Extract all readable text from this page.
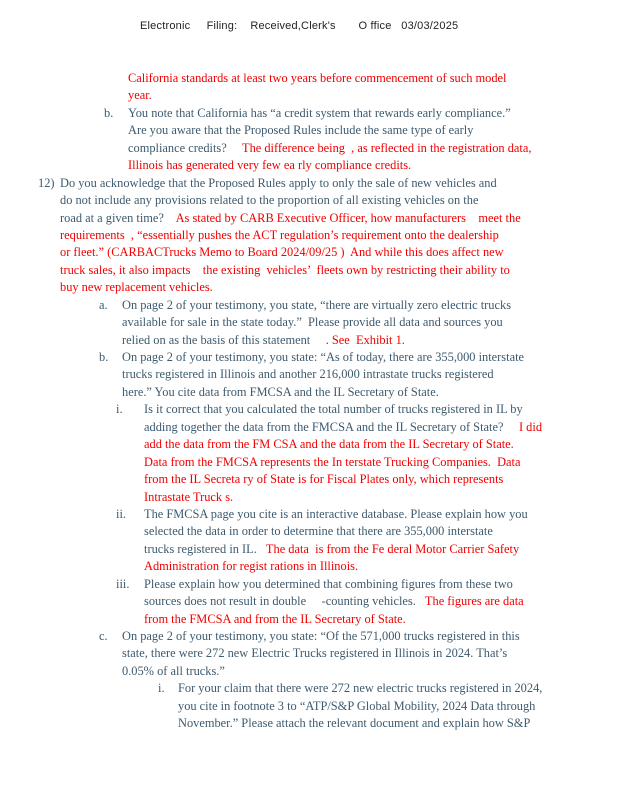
Electronic     Filing:    Received,Clerk's       O ffice   03/03/2025
California standards at least two years before commencement of such model
year.
b. You note that California has “a credit system that rewards early compliance.”
Are you aware that the Proposed Rules include the same type of early
compliance credits?     The difference being  , as reflected in the registration data,
Illinois has generated very few ea rly compliance credits.
12) Do you acknowledge that the Proposed Rules apply to only the sale of new vehicles and
do not include any provisions related to the proportion of all existing vehicles on the
road at a given time?    As stated by CARB Executive Officer, how manufacturers    meet the
requirements  , “essentially pushes the ACT regulation’s requirement onto the dealership
or fleet.” (CARBACTrucks Memo to Board 2024/09/25 )  And while this does affect new
truck sales, it also impacts    the existing  vehicles’  fleets own by restricting their ability to
buy new replacement vehicles.
a. On page 2 of your testimony, you state, “there are virtually zero electric trucks
available for sale in the state today.”  Please provide all data and sources you
relied on as the basis of this statement     . See  Exhibit 1.
b. On page 2 of your testimony, you state: “As of today, there are 355,000 interstate
trucks registered in Illinois and another 216,000 intrastate trucks registered
here.” You cite data from FMCSA and the IL Secretary of State.
i. Is it correct that you calculated the total number of trucks registered in IL by
adding together the data from the FMCSA and the IL Secretary of State?     I did
add the data from the FM CSA and the data from the IL Secretary of State.
Data from the FMCSA represents the In terstate Trucking Companies.  Data
from the IL Secreta ry of State is for Fiscal Plates only, which represents
Intrastate Truck s.
ii. The FMCSA page you cite is an interactive database. Please explain how you
selected the data in order to determine that there are 355,000 interstate
trucks registered in IL.   The data  is from the Fe deral Motor Carrier Safety
Administration for regist rations in Illinois.
iii. Please explain how you determined that combining figures from these two
sources does not result in double     -counting vehicles.   The figures are data
from the FMCSA and from the IL Secretary of State.
c. On page 2 of your testimony, you state: “Of the 571,000 trucks registered in this
state, there were 272 new Electric Trucks registered in Illinois in 2024. That’s
0.05% of all trucks.”
i. For your claim that there were 272 new electric trucks registered in 2024,
you cite in footnote 3 to “ATP/S&P Global Mobility, 2024 Data through
November.” Please attach the relevant document and explain how S&P
